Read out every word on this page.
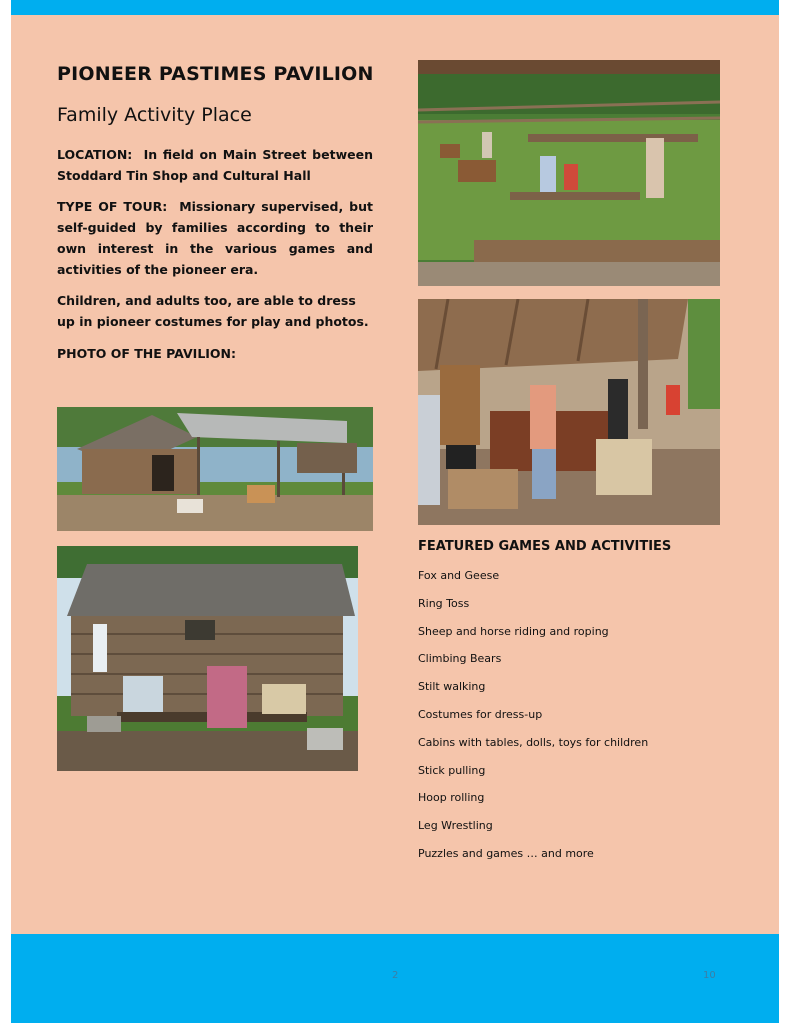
PIONEER PASTIMES PAVILION
Family Activity Place

LOCATION: In field on Main Street between Stoddard Tin Shop and Cultural Hall

TYPE OF TOUR: Missionary supervised, but self-guided by families according to their own interest in the various games and activities of the pioneer era.

Children, and adults too, are able to dress up in pioneer costumes for play and photos.

PHOTO OF THE PAVILION:

FEATURED GAMES AND ACTIVITIES
Fox and Geese
Ring Toss
Sheep and horse riding and roping
Climbing Bears
Stilt walking
Costumes for dress-up
Cabins with tables, dolls, toys for children
Stick pulling
Hoop rolling
Leg Wrestling
Puzzles and games … and more
2	10
